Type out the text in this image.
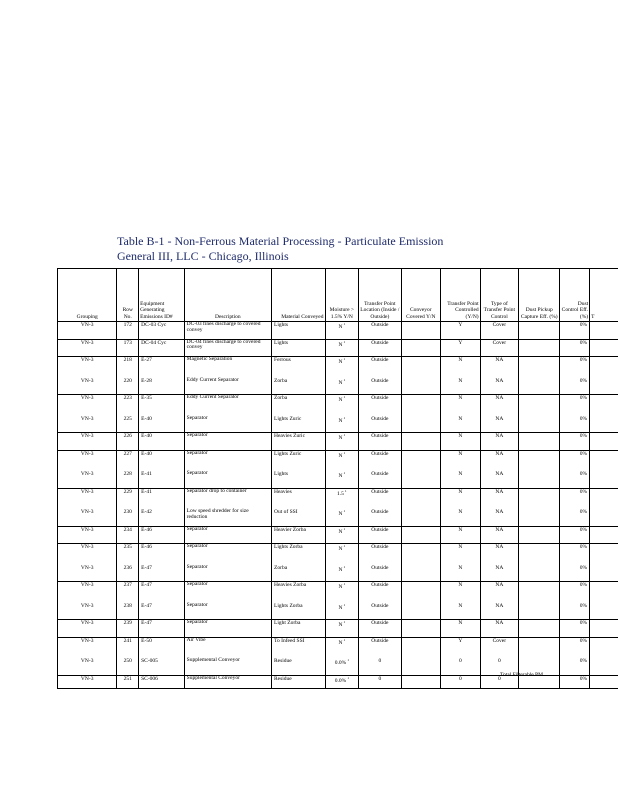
Table B-1 - Non-Ferrous Material Processing - Particulate Emission
General III, LLC - Chicago, Illinois
Grouping	Row No.	Equipment Generating Emissions ID#	Description	Material Conveyed	Moisture > 1.5% Y/N	Transfer Point Location (Inside / Outside)	Conveyor Covered Y/N	Transfer Point Controlled (Y/N)	Type of Transfer Point Control	Dust Pickup Capture Eff. (%)	Dust Control Eff. (%)	T
VN-3	172	DC-03 Cyc	DC-03 fines discharge to covered convey	Lights	$N^1$	Outside		Y	Cover		0%	
VN-3	173	DC-04 Cyc	DC-04 fines discharge to covered convey	Lights	$N^1$	Outside		Y	Cover		0%	
VN-3	218	E-27	Magnetic Separation	Ferrous	$N^1$	Outside		N	NA		0%	
VN-3	220	E-28	Eddy Current Separator	Zorba	$N^1$	Outside		N	NA		0%	
VN-3	223	E-35	Eddy Current Separator	Zorba	$N^1$	Outside		N	NA		0%	
VN-3	225	E-40	Separator	Lights Zuric	$N^1$	Outside		N	NA		0%	
VN-3	226	E-40	Separator	Heavies Zuric	$N^1$	Outside		N	NA		0%	
VN-3	227	E-40	Separator	Lights Zuric	$N^1$	Outside		N	NA		0%	
VN-3	228	E-41	Separator	Lights	$N^1$	Outside		N	NA		0%	
VN-3	229	E-41	Separator drop to container	Heavies	$1.5^1$	Outside		N	NA		0%	
VN-3	230	E-42	Low speed shredder for size reduction	Out of SSI	$N^1$	Outside		N	NA		0%	
VN-3	234	E-46	Separator	Heavier Zorba	$N^1$	Outside		N	NA		0%	
VN-3	235	E-46	Separator	Lights Zorba	$N^1$	Outside		N	NA		0%	
VN-3	236	E-47	Separator	Zorba	$N^1$	Outside		N	NA		0%	
VN-3	237	E-47	Separator	Heavies Zorba	$N^1$	Outside		N	NA		0%	
VN-3	238	E-47	Separator	Lights Zorba	$N^1$	Outside		N	NA		0%	
VN-3	239	E-47	Separator	Light Zorba	$N^1$	Outside		N	NA		0%	
VN-3	241	E-50	Air Vibe	To Infeed SSI	$N^1$	Outside		Y	Cover		0%	
VN-3	250	SC-005	Supplemental Conveyor	Residue	0.0%$^1$	0		0	0		0%	
VN-3	251	SC-006	Supplemental Conveyor	Residue	0.0%$^1$	0		0	0		0%	
Total Filterable PM
